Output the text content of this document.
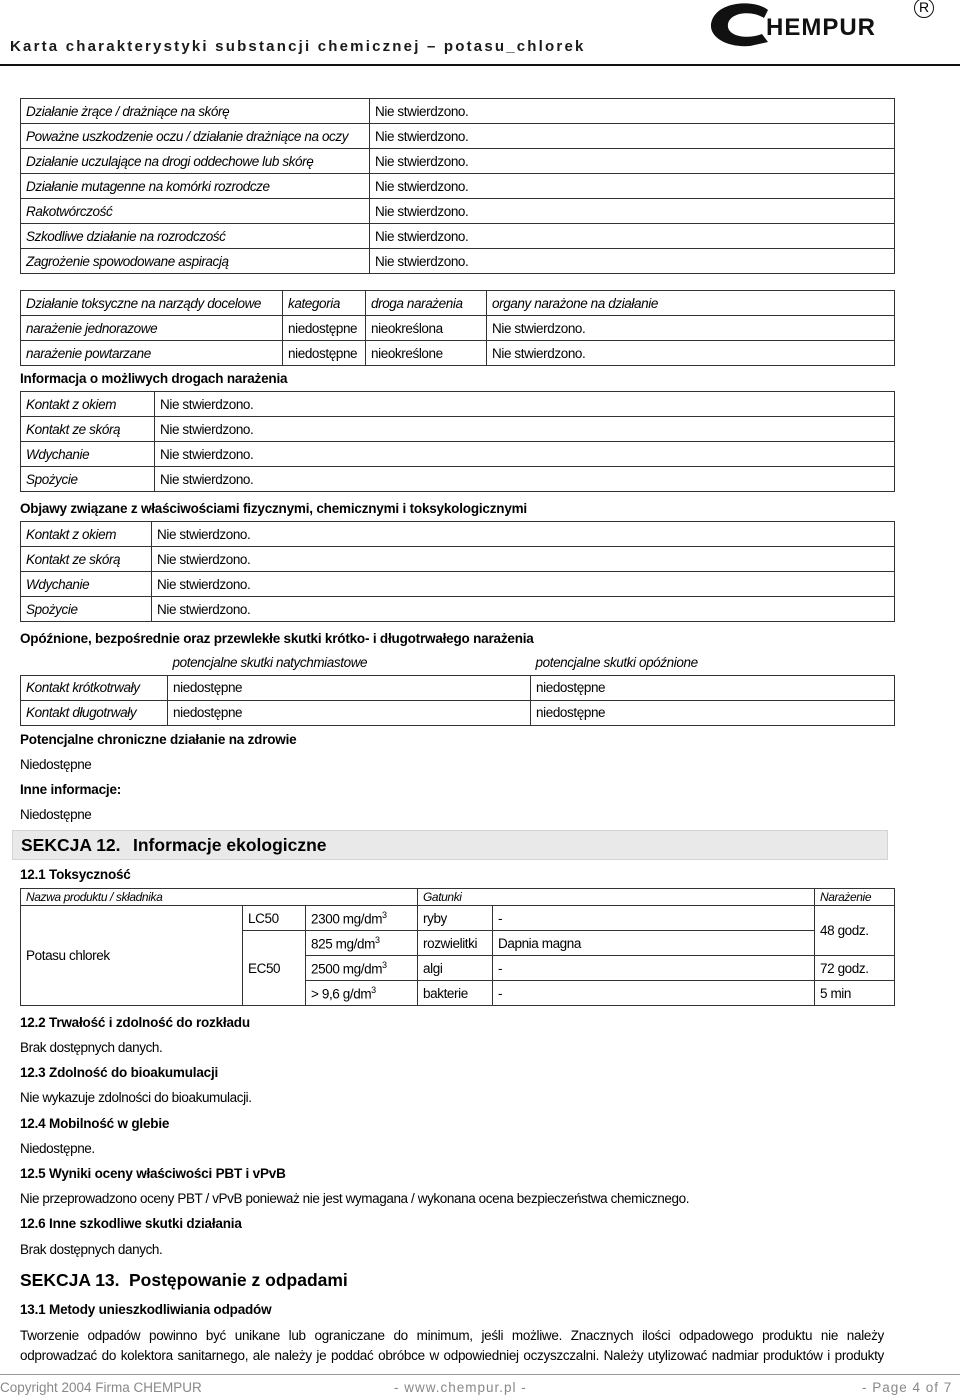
Karta charakterystyki substancji chemicznej – potasu_chlorek
HEMPUR
R
Działanie żrące / drażniące na skórę	Nie stwierdzono.
Poważne uszkodzenie oczu / działanie drażniące na oczy	Nie stwierdzono.
Działanie uczulające na drogi oddechowe lub skórę	Nie stwierdzono.
Działanie mutagenne na komórki rozrodcze	Nie stwierdzono.
Rakotwórczość	Nie stwierdzono.
Szkodliwe działanie na rozrodczość	Nie stwierdzono.
Zagrożenie spowodowane aspiracją	Nie stwierdzono.
Działanie toksyczne na narządy docelowe	kategoria	droga narażenia	organy narażone na działanie
narażenie jednorazowe	niedostępne	nieokreślona	Nie stwierdzono.
narażenie powtarzane	niedostępne	nieokreślone	Nie stwierdzono.
Informacja o możliwych drogach narażenia
Kontakt z okiem	Nie stwierdzono.
Kontakt ze skórą	Nie stwierdzono.
Wdychanie	Nie stwierdzono.
Spożycie	Nie stwierdzono.
Objawy związane z właściwościami fizycznymi, chemicznymi i toksykologicznymi
Kontakt z okiem	Nie stwierdzono.
Kontakt ze skórą	Nie stwierdzono.
Wdychanie	Nie stwierdzono.
Spożycie	Nie stwierdzono.
Opóźnione, bezpośrednie oraz przewlekłe skutki krótko- i długotrwałego narażenia
	potencjalne skutki natychmiastowe	potencjalne skutki opóźnione
Kontakt krótkotrwały	niedostępne	niedostępne
Kontakt długotrwały	niedostępne	niedostępne
Potencjalne chroniczne działanie na zdrowie
Niedostępne
Inne informacje:
Niedostępne
SEKCJA 12. Informacje ekologiczne
12.1 Toksyczność
Nazwa produktu / składnika			Gatunki		Narażenie
Potasu chlorek	LC50	2300 $mg/dm^3$	ryby	-	48 godz.
	EC50	825 $mg/dm^3$	rozwielitki	Dapnia magna	
		2500 $mg/dm^3$	algi	-	72 godz.
		> 9,6 $g/dm^3$	bakterie	-	5 min
12.2 Trwałość i zdolność do rozkładu
Brak dostępnych danych.
12.3 Zdolność do bioakumulacji
Nie wykazuje zdolności do bioakumulacji.
12.4 Mobilność w glebie
Niedostępne.
12.5 Wyniki oceny właściwości PBT i vPvB
Nie przeprowadzono oceny PBT / vPvB ponieważ nie jest wymagana / wykonana ocena bezpieczeństwa chemicznego.
12.6 Inne szkodliwe skutki działania
Brak dostępnych danych.
SEKCJA 13. Postępowanie z odpadami
13.1 Metody unieszkodliwiania odpadów
Tworzenie odpadów powinno być unikane lub ograniczane do minimum, jeśli możliwe. Znacznych ilości odpadowego produktu nie należy
odprowadzać do kolektora sanitarnego, ale należy je poddać obróbce w odpowiedniej oczyszczalni. Należy utylizować nadmiar produktów i produkty
Copyright 2004 Firma CHEMPUR	- www.chempur.pl -	- Page 4 of 7
